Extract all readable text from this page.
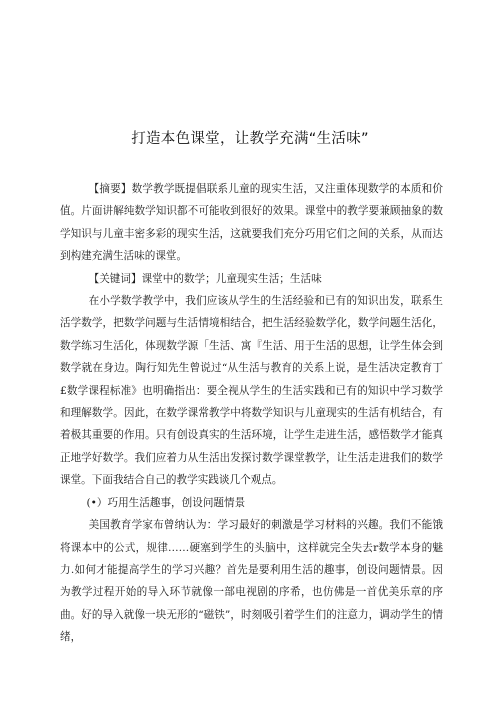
打造本色课堂，让教学充满“生活味”

【摘要】数学教学既提倡联系儿童的现实生活，又注重体现数学的本质和价值。片面讲解纯数学知识都不可能收到很好的效果。课堂中的教学要兼顾抽象的数学知识与儿童丰密多彩的现实生活，这就要我们充分巧用它们之间的关系，从而达到构建充满生活味的课堂。

【关键词】课堂中的数学；儿童现实生活；生活味

在小学数学教学中，我们应该从学生的生活经验和已有的知识出发，联系生活学数学，把数学问题与生活情境相结合，把生活经验数学化，数学问题生活化，数学练习生活化，体现数学源「生活、寓『生活、用于生活的思想，让学生体会到数学就在身边。陶行知先生曾说过“从生活与教育的关系上说，是生活决定教育丁£数学课程标准》也明确指出：要全视从学生的生活实践和已有的知识中学习数学和理解数学。因此，在数学课常教学中将数学知识与儿童现实的生活有机结合，有着极其重要的作用。只有创设真实的生活环境，让学生走进生活，感悟数学才能真正地学好数学。我们应着力从生活出发探讨数学课堂教学，让生活走进我们的数学课堂。下面我结合自己的教学实践谈几个观点。

(•）巧用生活趣事，创设问题情景

美国教育学家布曾纳认为：学习最好的刺激是学习材料的兴趣。我们不能饿将课本中的公式，规律……硬塞到学生的头脑中，这样就完全失去r数学本身的魅力.如何才能提高学生的学习兴趣？首先是要利用生活的趣事，创设问题情景。因为教学过程开始的导入环节就像一部电视剧的序希，也仿佛是一首优美乐章的序曲。好的导入就像一块无形的“磁铁”，时刻吸引着学生们的注意力，调动学生的情绪，
